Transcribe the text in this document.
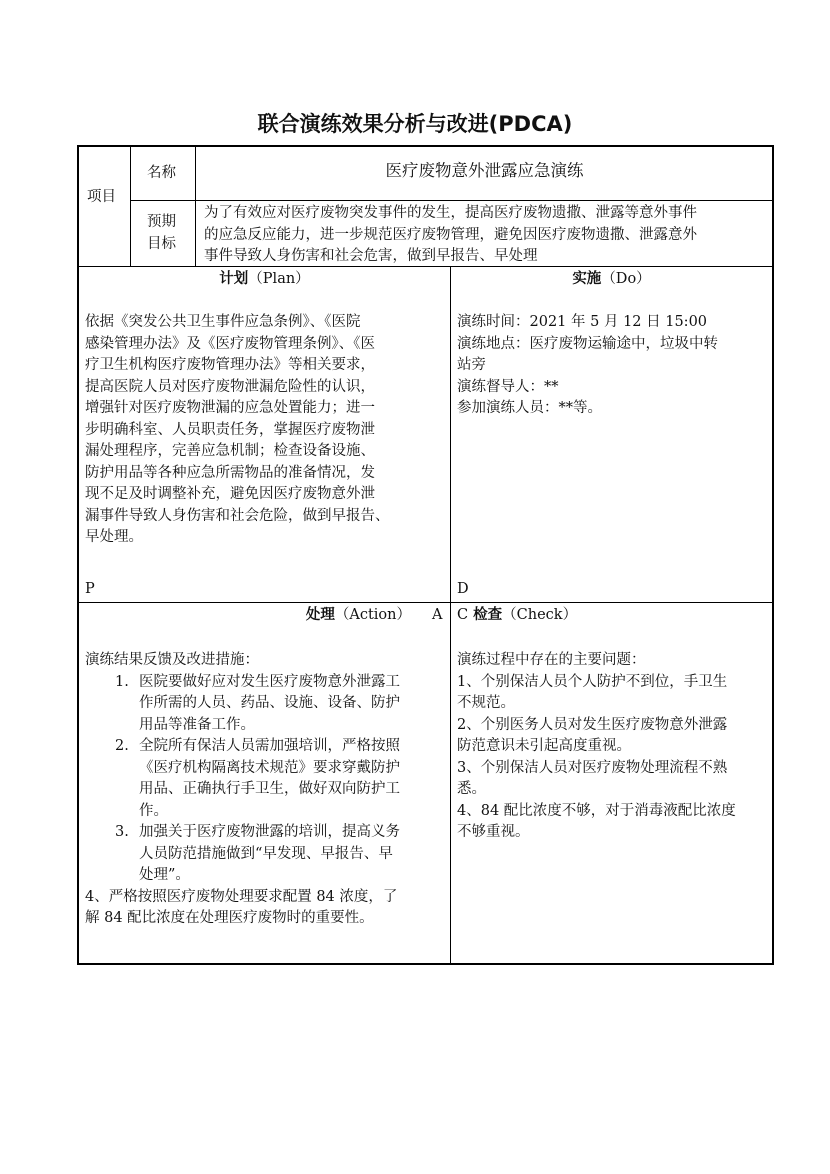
联合演练效果分析与改进(PDCA)
项目
名称	医疗废物意外泄露应急演练
预期
目标
为了有效应对医疗废物突发事件的发生，提高医疗废物遗撒、泄露等意外事件
的应急反应能力，进一步规范医疗废物管理，避免因医疗废物遗撒、泄露意外
事件导致人身伤害和社会危害，做到早报告、早处理
计划（Plan）
依据《突发公共卫生事件应急条例》、《医院
感染管理办法》及《医疗废物管理条例》、《医
疗卫生机构医疗废物管理办法》等相关要求，
提高医院人员对医疗废物泄漏危险性的认识，
增强针对医疗废物泄漏的应急处置能力；进一
步明确科室、人员职责任务，掌握医疗废物泄
漏处理程序，完善应急机制；检查设备设施、
防护用品等各种应急所需物品的准备情况，发
现不足及时调整补充，避免因医疗废物意外泄
漏事件导致人身伤害和社会危险，做到早报告、
早处理。
P
实施（Do）
演练时间：2021 年 5 月 12 日 15:00
演练地点：医疗废物运输途中，垃圾中转
站旁
演练督导人：**
参加演练人员：**等。
D
处理（Action） A
演练结果反馈及改进措施：
1. 医院要做好应对发生医疗废物意外泄露工
作所需的人员、药品、设施、设备、防护
用品等准备工作。
2. 全院所有保洁人员需加强培训，严格按照
《医疗机构隔离技术规范》要求穿戴防护
用品、正确执行手卫生，做好双向防护工
作。
3. 加强关于医疗废物泄露的培训，提高义务
人员防范措施做到“早发现、早报告、早
处理”。
4、严格按照医疗废物处理要求配置 84 浓度，了
解 84 配比浓度在处理医疗废物时的重要性。
C 检查（Check）
演练过程中存在的主要问题：
1、个别保洁人员个人防护不到位，手卫生
不规范。
2、个别医务人员对发生医疗废物意外泄露
防范意识未引起高度重视。
3、个别保洁人员对医疗废物处理流程不熟
悉。
4、84 配比浓度不够，对于消毒液配比浓度
不够重视。
